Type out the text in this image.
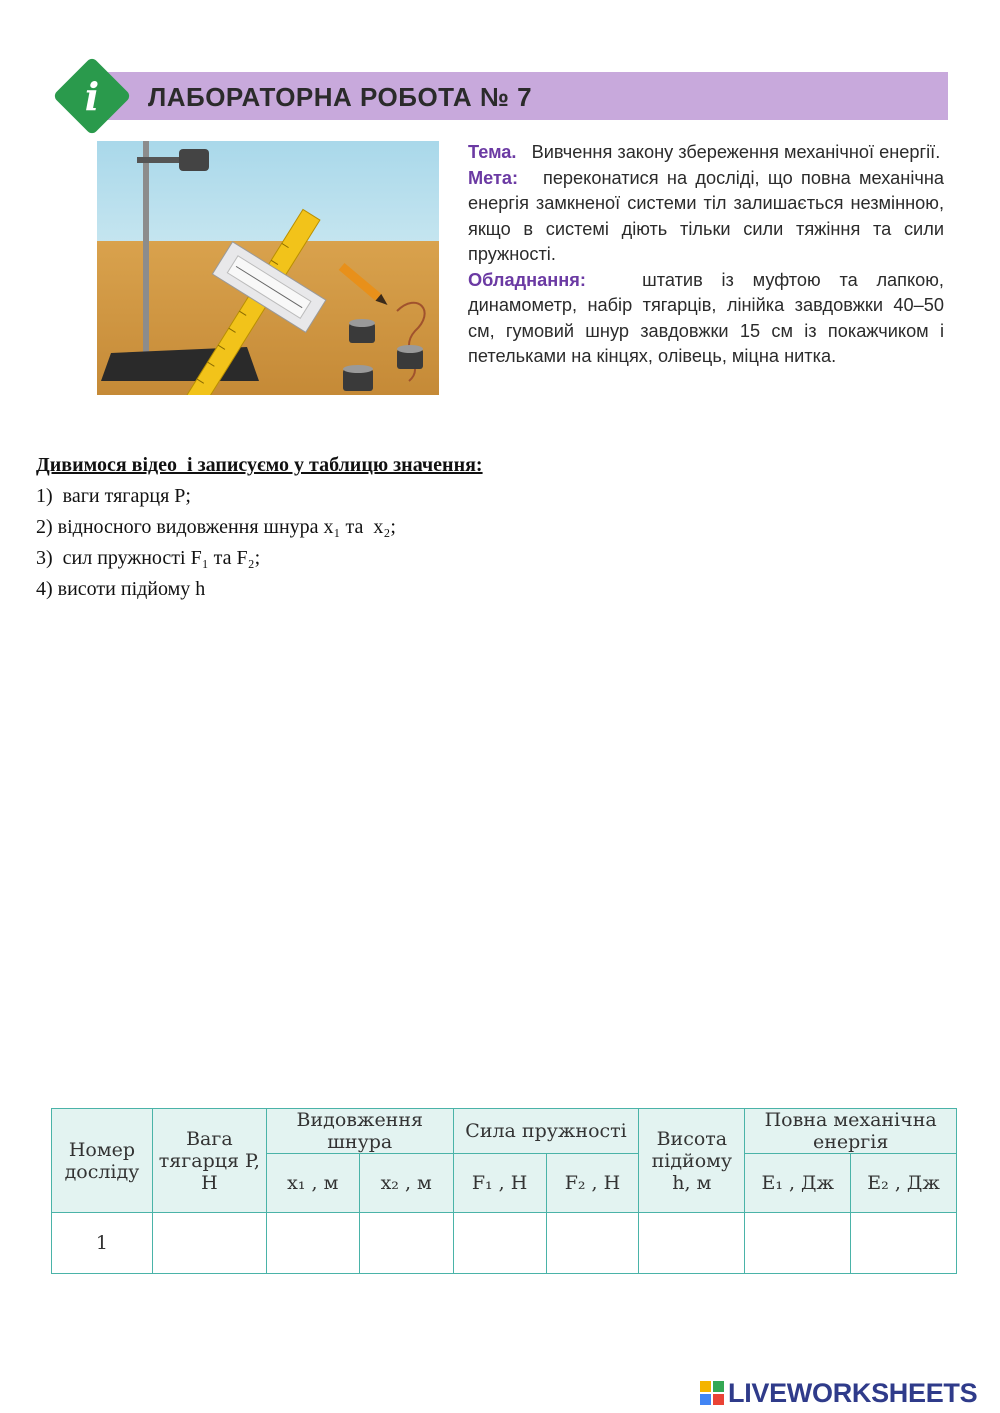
i	ЛАБОРАТОРНА РОБОТА № 7

Тема. Вивчення закону збереження механічної енергії.

Мета: переконатися на досліді, що повна механічна енергія замкненої системи тіл залишається незмінною, якщо в системі діють тільки сили тяжіння та сили пружності.

Обладнання:	штатив із муфтою та лапкою, динамометр, набір тягарців, лінійка завдовжки 40–50 см, гумовий шнур завдовжки 15 см із покажчиком і петельками на кінцях, олівець, міцна нитка.

Дивимося відео  і записуємо у таблицю значення:
1)  ваги тягарця P;
2) відносного видовження шнура x₁ та  x₂;
3)  сил пружності F₁ та F₂;
4) висоти підйому h
Номер досліду	Вага тягарця P, Н	Видовження шнура		Сила пружності		Висота підйому h, м	Повна механічна енергія	
		x₁ , м	x₂ , м	F₁ , Н	F₂ , Н		E₁ , Дж	E₂ , Дж
1								
LIVEWORKSHEETS
